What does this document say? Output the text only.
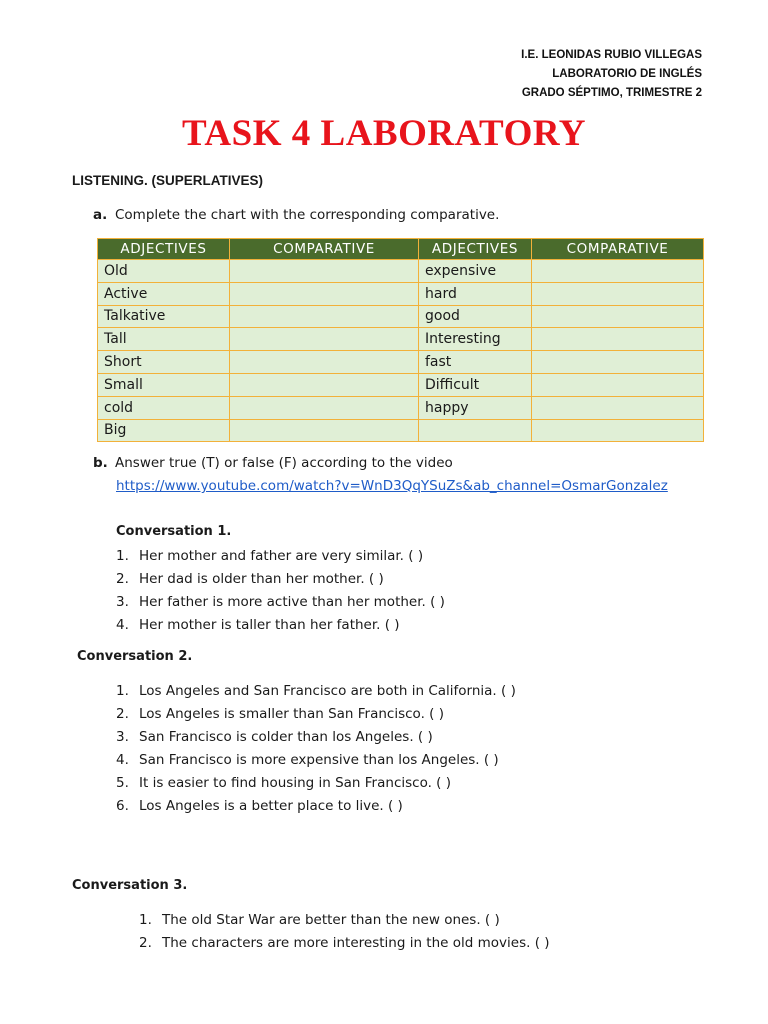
I.E. LEONIDAS RUBIO VILLEGAS
LABORATORIO DE INGLÉS
GRADO SÉPTIMO, TRIMESTRE 2
TASK 4 LABORATORY
LISTENING. (SUPERLATIVES)
a. Complete the chart with the corresponding comparative.
ADJECTIVES	COMPARATIVE	ADJECTIVES	COMPARATIVE
Old		expensive	
Active		hard	
Talkative		good	
Tall		Interesting	
Short		fast	
Small		Difficult	
cold		happy	
Big			
b. Answer true (T) or false (F) according to the video
https://www.youtube.com/watch?v=WnD3QqYSuZs&ab_channel=OsmarGonzalez
Conversation 1.
1. Her mother and father are very similar. ( )
2. Her dad is older than her mother. ( )
3. Her father is more active than her mother. ( )
4. Her mother is taller than her father. ( )
Conversation 2.
1. Los Angeles and San Francisco are both in California. ( )
2. Los Angeles is smaller than San Francisco. ( )
3. San Francisco is colder than los Angeles. ( )
4. San Francisco is more expensive than los Angeles. ( )
5. It is easier to find housing in San Francisco. ( )
6. Los Angeles is a better place to live. ( )
Conversation 3.
1. The old Star War are better than the new ones. ( )
2. The characters are more interesting in the old movies. ( )
